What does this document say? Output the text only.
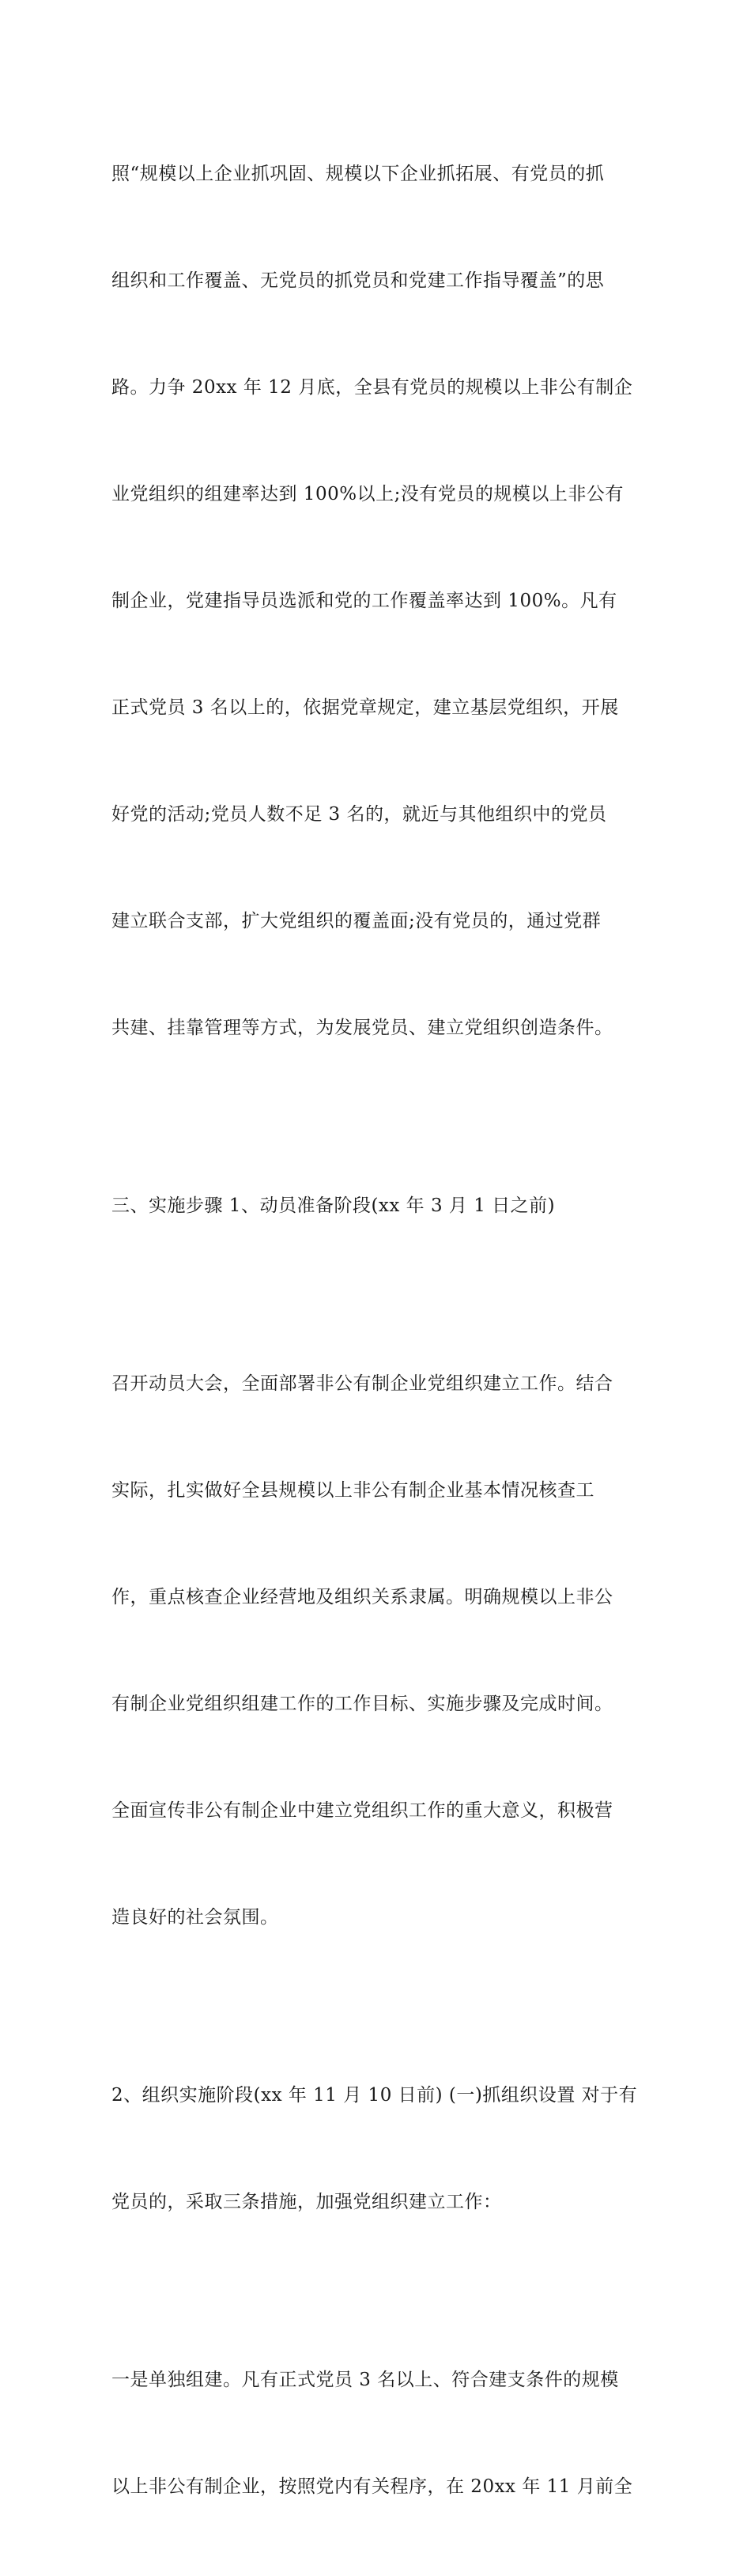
照“规模以上企业抓巩固、规模以下企业抓拓展、有党员的抓

组织和工作覆盖、无党员的抓党员和党建工作指导覆盖”的思

路。力争 20xx 年 12 月底，全县有党员的规模以上非公有制企

业党组织的组建率达到 100%以上;没有党员的规模以上非公有

制企业，党建指导员选派和党的工作覆盖率达到 100%。凡有

正式党员 3 名以上的，依据党章规定，建立基层党组织，开展

好党的活动;党员人数不足 3 名的，就近与其他组织中的党员

建立联合支部，扩大党组织的覆盖面;没有党员的，通过党群

共建、挂靠管理等方式，为发展党员、建立党组织创造条件。

三、实施步骤 1、动员准备阶段(xx 年 3 月 1 日之前)

召开动员大会，全面部署非公有制企业党组织建立工作。结合

实际，扎实做好全县规模以上非公有制企业基本情况核查工

作，重点核查企业经营地及组织关系隶属。明确规模以上非公

有制企业党组织组建工作的工作目标、实施步骤及完成时间。

全面宣传非公有制企业中建立党组织工作的重大意义，积极营

造良好的社会氛围。

2、组织实施阶段(xx 年 11 月 10 日前) (一)抓组织设置 对于有

党员的，采取三条措施，加强党组织建立工作：

一是单独组建。凡有正式党员 3 名以上、符合建支条件的规模

以上非公有制企业，按照党内有关程序，在 20xx 年 11 月前全
